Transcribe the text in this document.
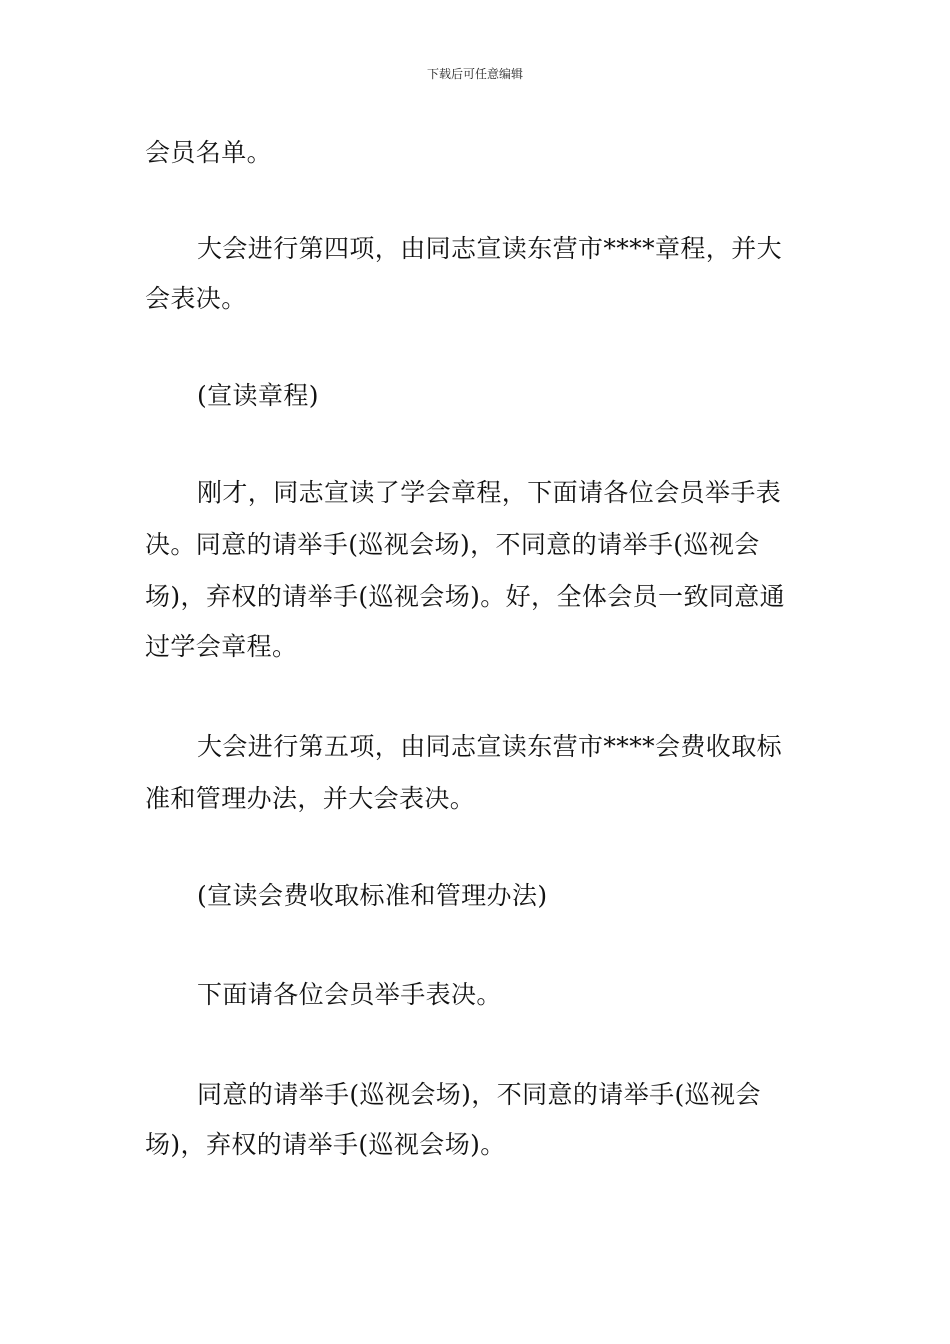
下载后可任意编辑
会员名单。
大会进行第四项，由同志宣读东营市****章程，并大
会表决。
(宣读章程)
刚才，同志宣读了学会章程，下面请各位会员举手表
决。同意的请举手(巡视会场)，不同意的请举手(巡视会
场)，弃权的请举手(巡视会场)。好，全体会员一致同意通
过学会章程。
大会进行第五项，由同志宣读东营市****会费收取标
准和管理办法，并大会表决。
(宣读会费收取标准和管理办法)
下面请各位会员举手表决。
同意的请举手(巡视会场)，不同意的请举手(巡视会
场)，弃权的请举手(巡视会场)。
